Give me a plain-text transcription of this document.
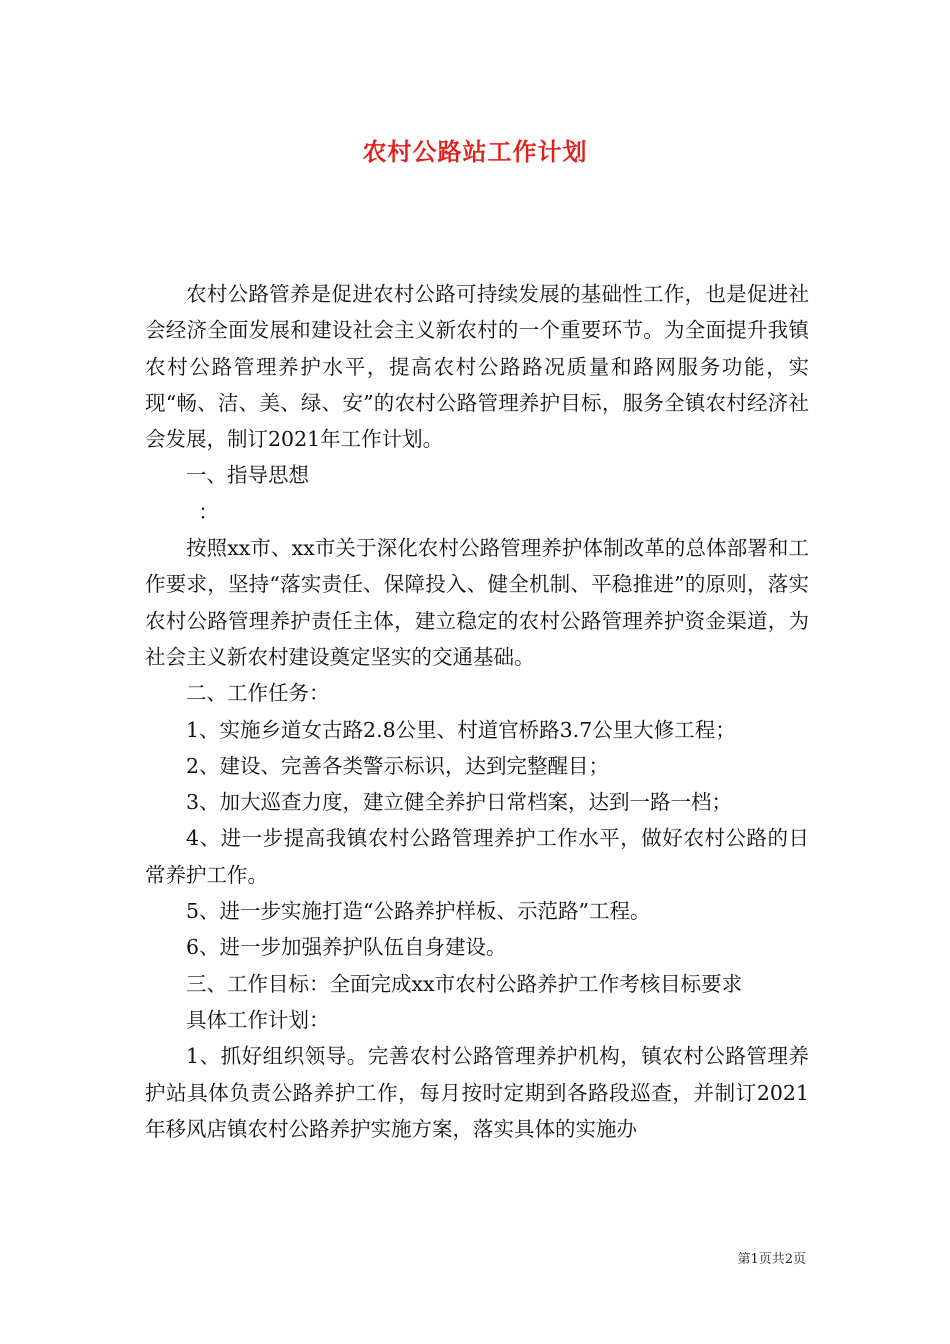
农村公路站工作计划

农村公路管养是促进农村公路可持续发展的基础性工作，也是促进社会经济全面发展和建设社会主义新农村的一个重要环节。为全面提升我镇农村公路管理养护水平，提高农村公路路况质量和路网服务功能，实现“畅、洁、美、绿、安”的农村公路管理养护目标，服务全镇农村经济社会发展，制订2021年工作计划。

一、指导思想

：

按照xx市、xx市关于深化农村公路管理养护体制改革的总体部署和工作要求，坚持“落实责任、保障投入、健全机制、平稳推进”的原则，落实农村公路管理养护责任主体，建立稳定的农村公路管理养护资金渠道，为社会主义新农村建设奠定坚实的交通基础。

二、工作任务：

1、实施乡道女古路2.8公里、村道官桥路3.7公里大修工程；

2、建设、完善各类警示标识，达到完整醒目；

3、加大巡查力度，建立健全养护日常档案，达到一路一档；

4、进一步提高我镇农村公路管理养护工作水平，做好农村公路的日常养护工作。

5、进一步实施打造“公路养护样板、示范路”工程。

6、进一步加强养护队伍自身建设。

三、工作目标：全面完成xx市农村公路养护工作考核目标要求

具体工作计划：

1、抓好组织领导。完善农村公路管理养护机构，镇农村公路管理养护站具体负责公路养护工作，每月按时定期到各路段巡查，并制订2021年移风店镇农村公路养护实施方案，落实具体的实施办

第1页共2页
